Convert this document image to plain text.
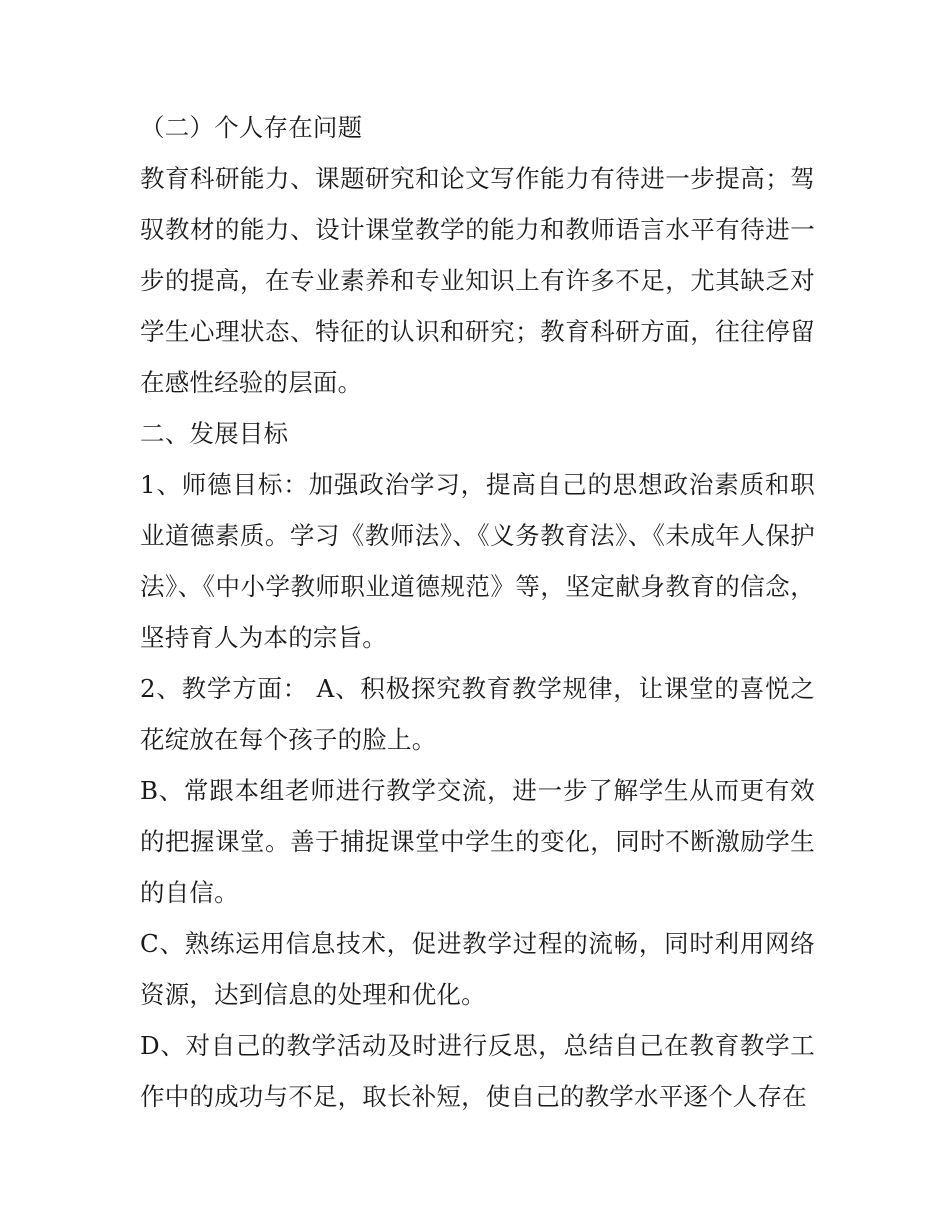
（二）个人存在问题

教育科研能力、课题研究和论文写作能力有待进一步提高；驾驭教材的能力、设计课堂教学的能力和教师语言水平有待进一步的提高，在专业素养和专业知识上有许多不足，尤其缺乏对学生心理状态、特征的认识和研究；教育科研方面，往往停留在感性经验的层面。

二、发展目标

1、师德目标：加强政治学习，提高自己的思想政治素质和职业道德素质。学习《教师法》、《义务教育法》、《未成年人保护法》、《中小学教师职业道德规范》等，坚定献身教育的信念，坚持育人为本的宗旨。

2、教学方面： A、积极探究教育教学规律，让课堂的喜悦之花绽放在每个孩子的脸上。

B、常跟本组老师进行教学交流，进一步了解学生从而更有效的把握课堂。善于捕捉课堂中学生的变化，同时不断激励学生的自信。

C、熟练运用信息技术，促进教学过程的流畅，同时利用网络资源，达到信息的处理和优化。

D、对自己的教学活动及时进行反思，总结自己在教育教学工作中的成功与不足，取长补短，使自己的教学水平逐个人存在
